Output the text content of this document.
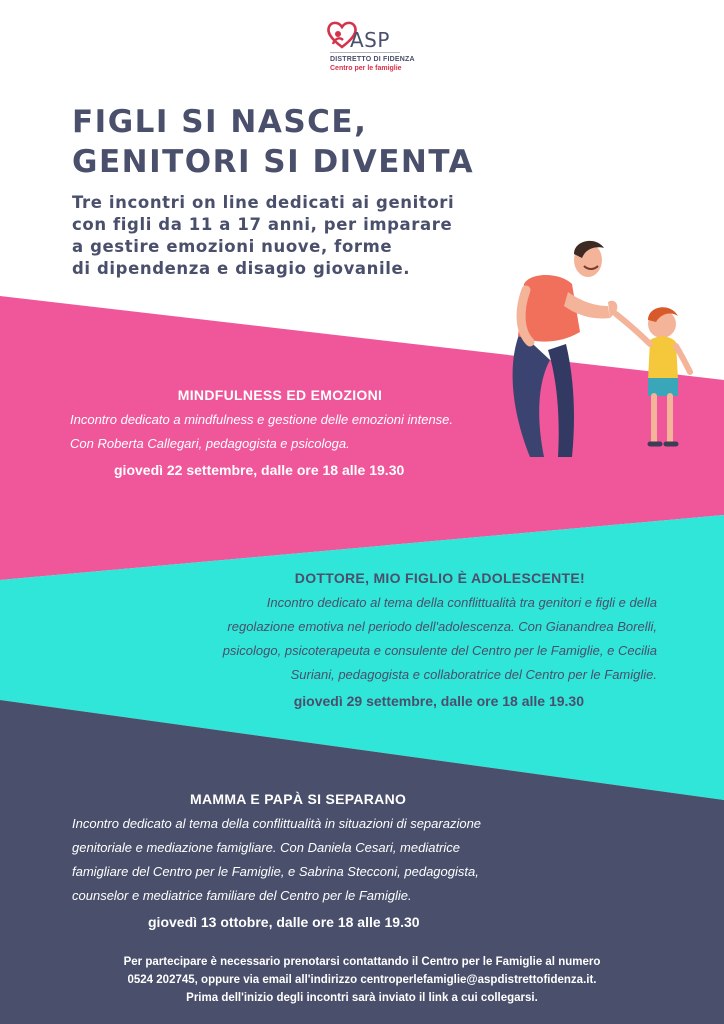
ASP
DISTRETTO DI FIDENZA
Centro per le famiglie
FIGLI SI NASCE,
GENITORI SI DIVENTA

Tre incontri on line dedicati ai genitori
con figli da 11 a 17 anni, per imparare
a gestire emozioni nuove, forme
di dipendenza e disagio giovanile.

MINDFULNESS ED EMOZIONI

Incontro dedicato a mindfulness e gestione delle emozioni intense.
Con Roberta Callegari, pedagogista e psicologa.

giovedì 22 settembre, dalle ore 18 alle 19.30

DOTTORE, MIO FIGLIO È ADOLESCENTE!

Incontro dedicato al tema della conflittualità tra genitori e figli e della
regolazione emotiva nel periodo dell'adolescenza. Con Gianandrea Borelli,
psicologo, psicoterapeuta e consulente del Centro per le Famiglie, e Cecilia
Suriani, pedagogista e collaboratrice del Centro per le Famiglie.

giovedì 29 settembre, dalle ore 18 alle 19.30

MAMMA E PAPÀ SI SEPARANO

Incontro dedicato al tema della conflittualità in situazioni di separazione
genitoriale e mediazione famigliare. Con Daniela Cesari, mediatrice
famigliare del Centro per le Famiglie, e Sabrina Stecconi, pedagogista,
counselor e mediatrice familiare del Centro per le Famiglie.

giovedì 13 ottobre, dalle ore 18 alle 19.30

Per partecipare è necessario prenotarsi contattando il Centro per le Famiglie al numero
0524 202745, oppure via email all'indirizzo centroperlefamiglie@aspdistrettofidenza.it.
Prima dell'inizio degli incontri sarà inviato il link a cui collegarsi.
